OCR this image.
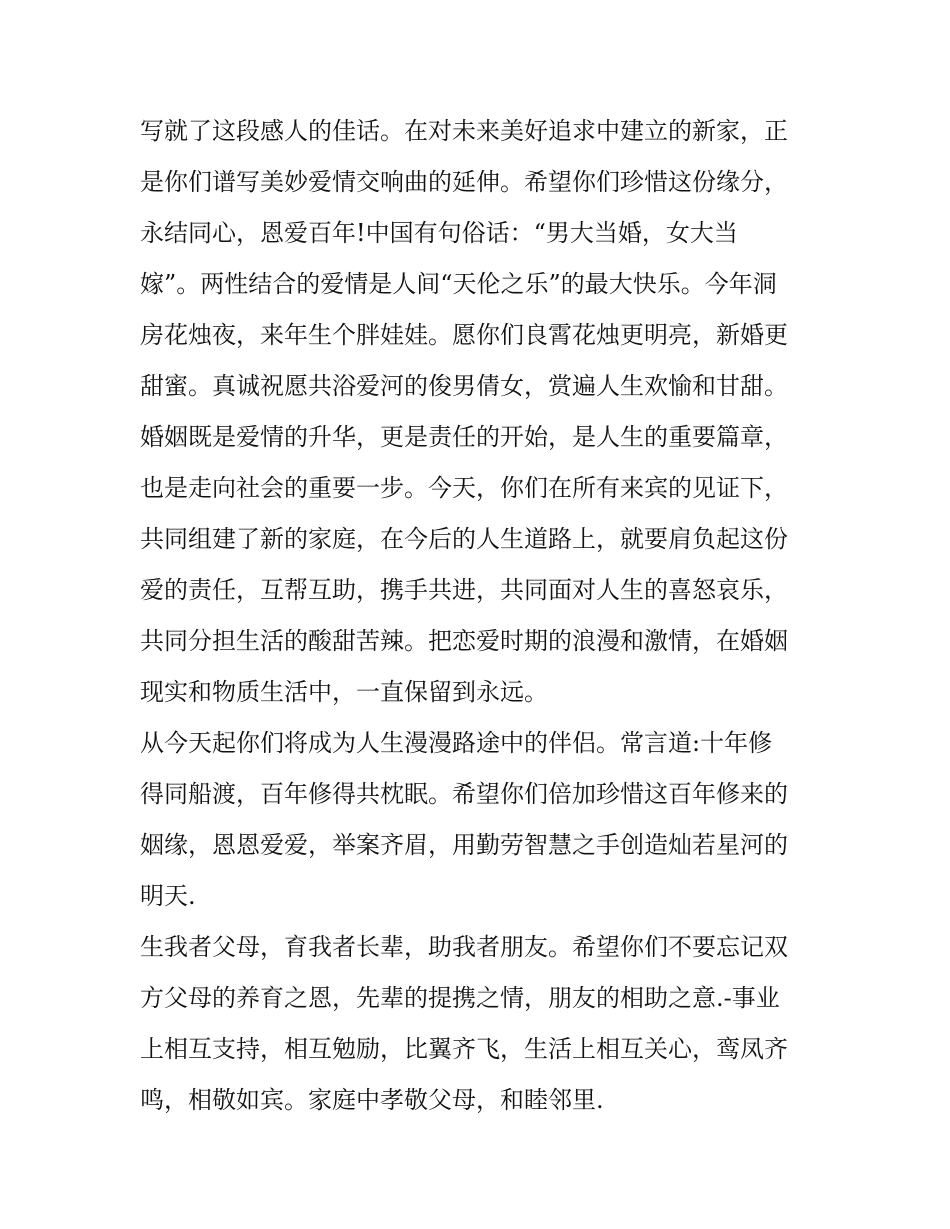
写就了这段感人的佳话。在对未来美好追求中建立的新家，正
是你们谱写美妙爱情交响曲的延伸。希望你们珍惜这份缘分，
永结同心，恩爱百年!中国有句俗话：“男大当婚，女大当
嫁”。两性结合的爱情是人间“天伦之乐”的最大快乐。今年洞
房花烛夜，来年生个胖娃娃。愿你们良霄花烛更明亮，新婚更
甜蜜。真诚祝愿共浴爱河的俊男倩女，赏遍人生欢愉和甘甜。
婚姻既是爱情的升华，更是责任的开始，是人生的重要篇章，
也是走向社会的重要一步。今天，你们在所有来宾的见证下，
共同组建了新的家庭，在今后的人生道路上，就要肩负起这份
爱的责任，互帮互助，携手共进，共同面对人生的喜怒哀乐，
共同分担生活的酸甜苦辣。把恋爱时期的浪漫和激情，在婚姻
现实和物质生活中，一直保留到永远。
从今天起你们将成为人生漫漫路途中的伴侣。常言道:十年修
得同船渡，百年修得共枕眠。希望你们倍加珍惜这百年修来的
姻缘，恩恩爱爱，举案齐眉，用勤劳智慧之手创造灿若星河的
明天.
生我者父母，育我者长辈，助我者朋友。希望你们不要忘记双
方父母的养育之恩，先辈的提携之情，朋友的相助之意.-事业
上相互支持，相互勉励，比翼齐飞，生活上相互关心，鸾凤齐
鸣，相敬如宾。家庭中孝敬父母，和睦邻里.
